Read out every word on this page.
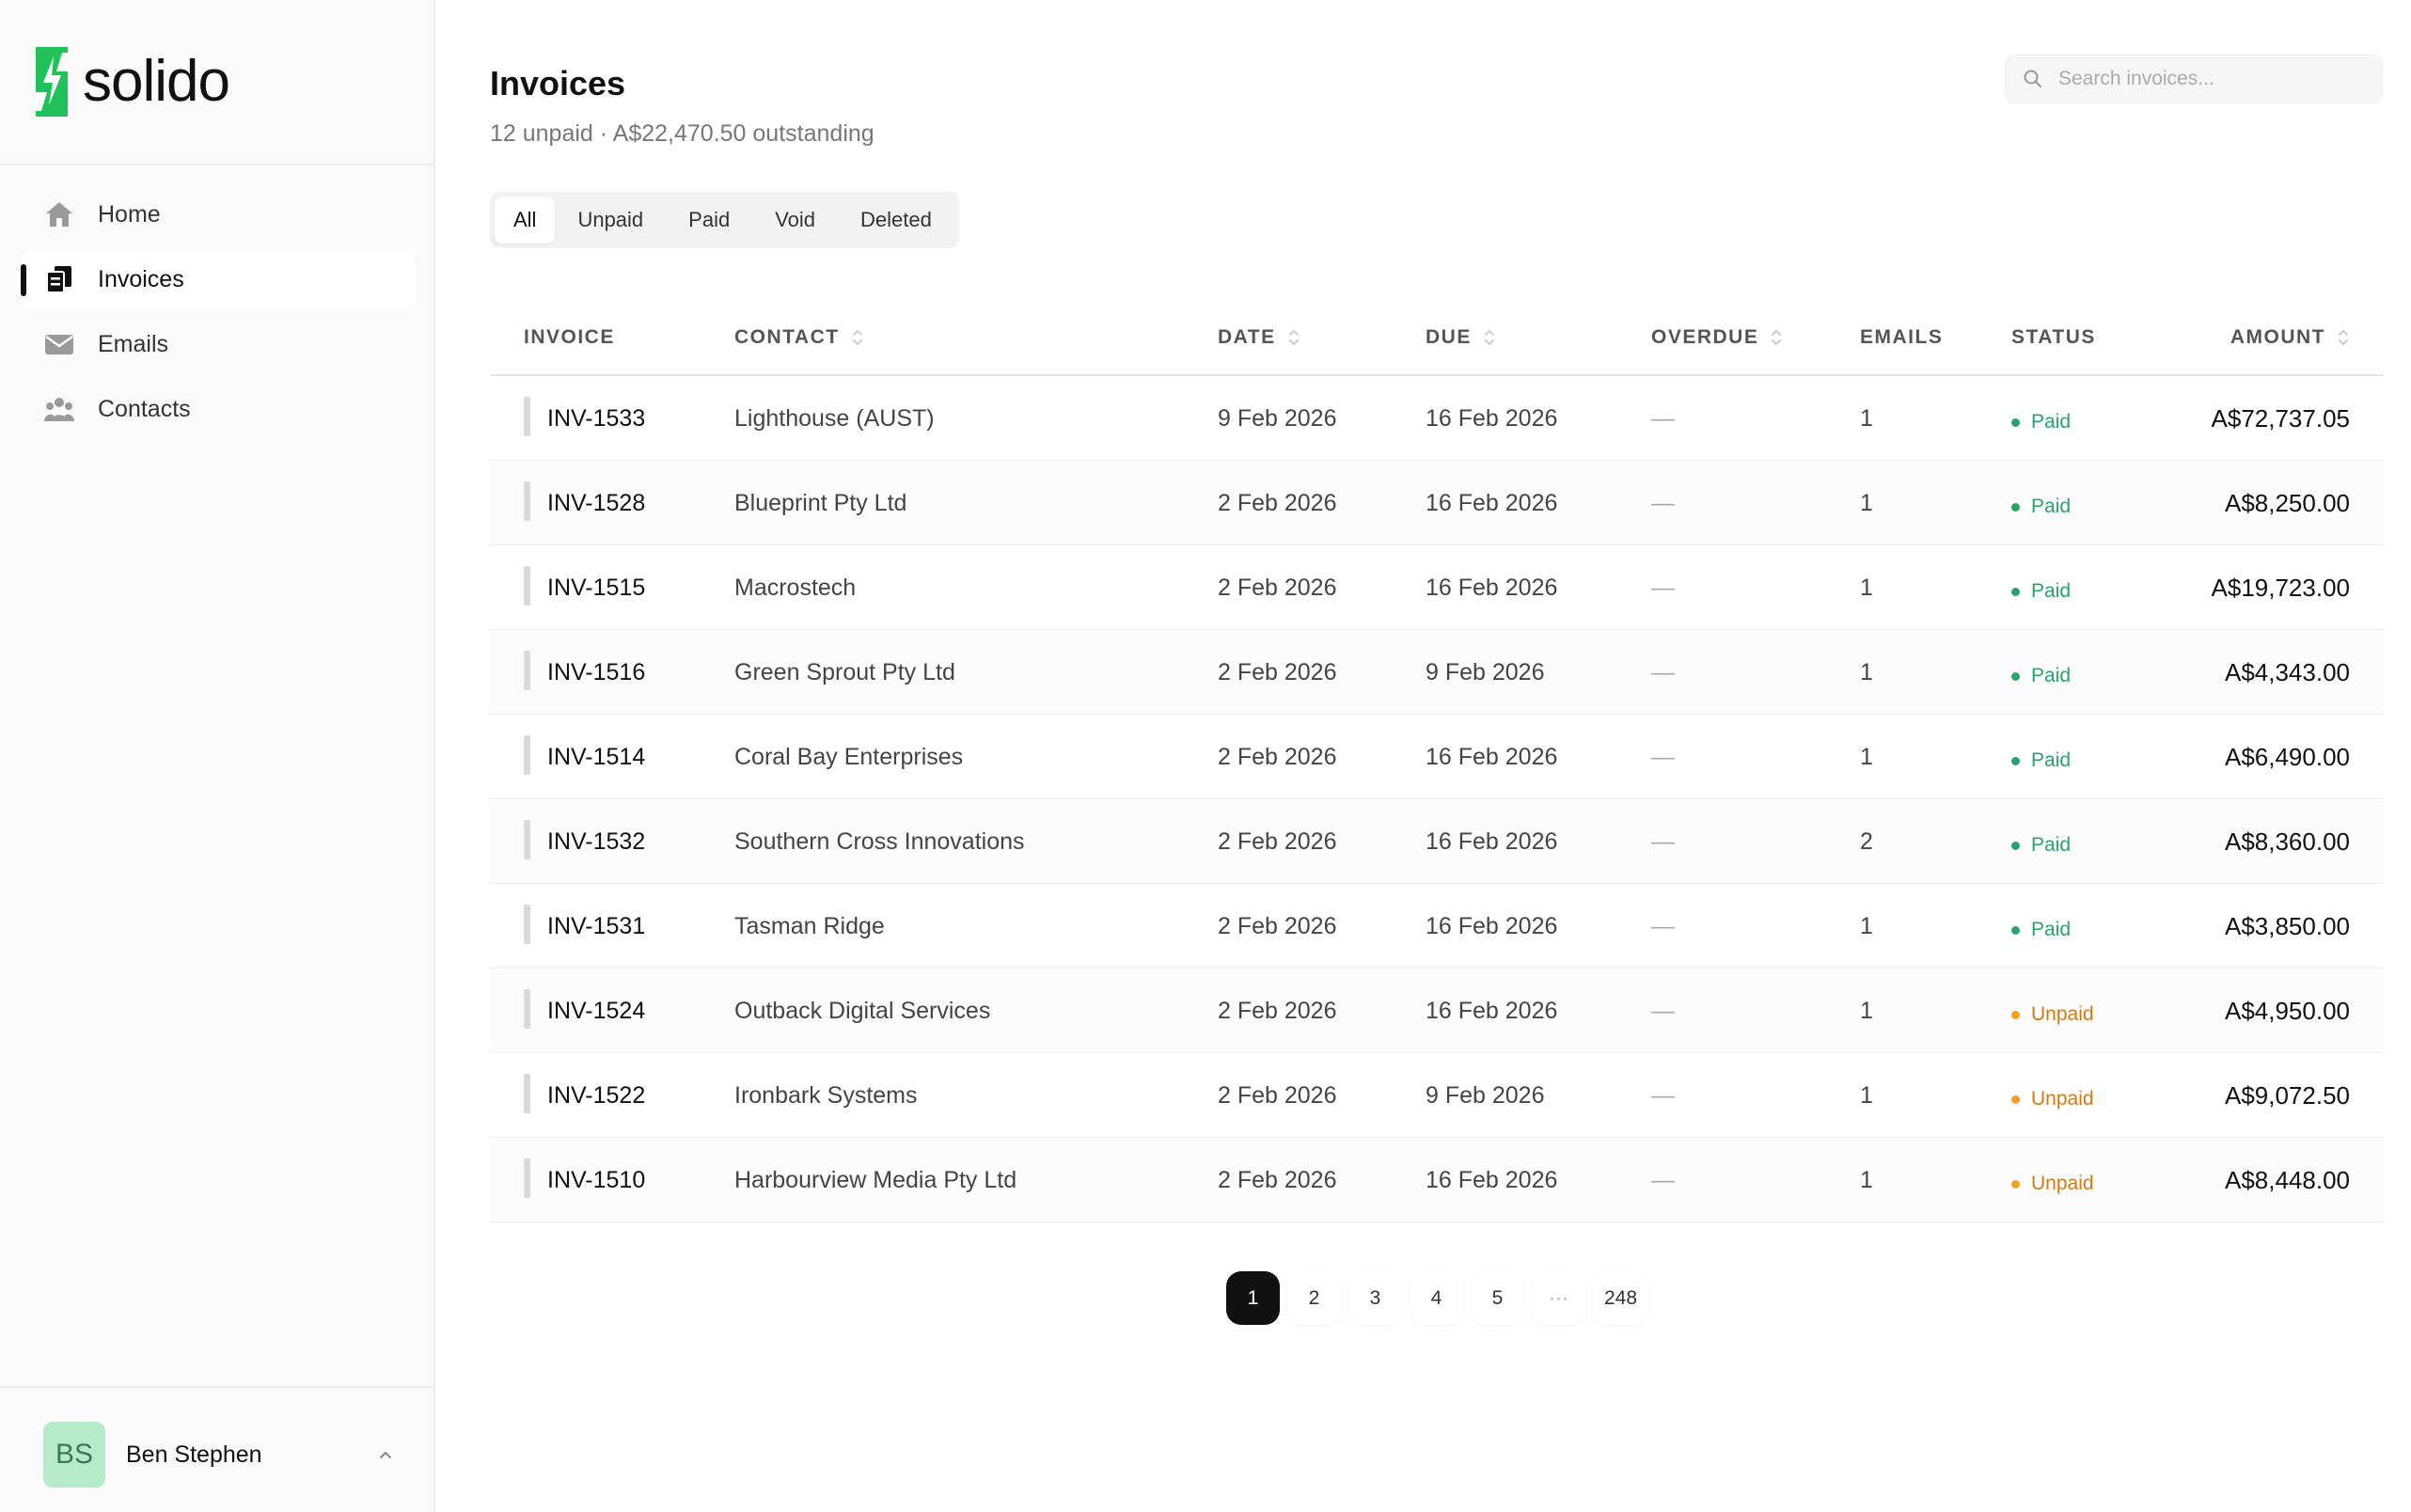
solido
Home
Invoices
Emails
Contacts
BS	Ben Stephen
Invoices
12 unpaid · A$22,470.50 outstanding
Search invoices...
All	Unpaid	Paid	Void	Deleted
INVOICE	CONTACT	DATE	DUE	OVERDUE	EMAILS	STATUS	AMOUNT
INV-1533	Lighthouse (AUST)	9 Feb 2026	16 Feb 2026	—	1	Paid	A$72,737.05
INV-1528	Blueprint Pty Ltd	2 Feb 2026	16 Feb 2026	—	1	Paid	A$8,250.00
INV-1515	Macrostech	2 Feb 2026	16 Feb 2026	—	1	Paid	A$19,723.00
INV-1516	Green Sprout Pty Ltd	2 Feb 2026	9 Feb 2026	—	1	Paid	A$4,343.00
INV-1514	Coral Bay Enterprises	2 Feb 2026	16 Feb 2026	—	1	Paid	A$6,490.00
INV-1532	Southern Cross Innovations	2 Feb 2026	16 Feb 2026	—	2	Paid	A$8,360.00
INV-1531	Tasman Ridge	2 Feb 2026	16 Feb 2026	—	1	Paid	A$3,850.00
INV-1524	Outback Digital Services	2 Feb 2026	16 Feb 2026	—	1	Unpaid	A$4,950.00
INV-1522	Ironbark Systems	2 Feb 2026	9 Feb 2026	—	1	Unpaid	A$9,072.50
INV-1510	Harbourview Media Pty Ltd	2 Feb 2026	16 Feb 2026	—	1	Unpaid	A$8,448.00
1	2	3	4	5	···	248
